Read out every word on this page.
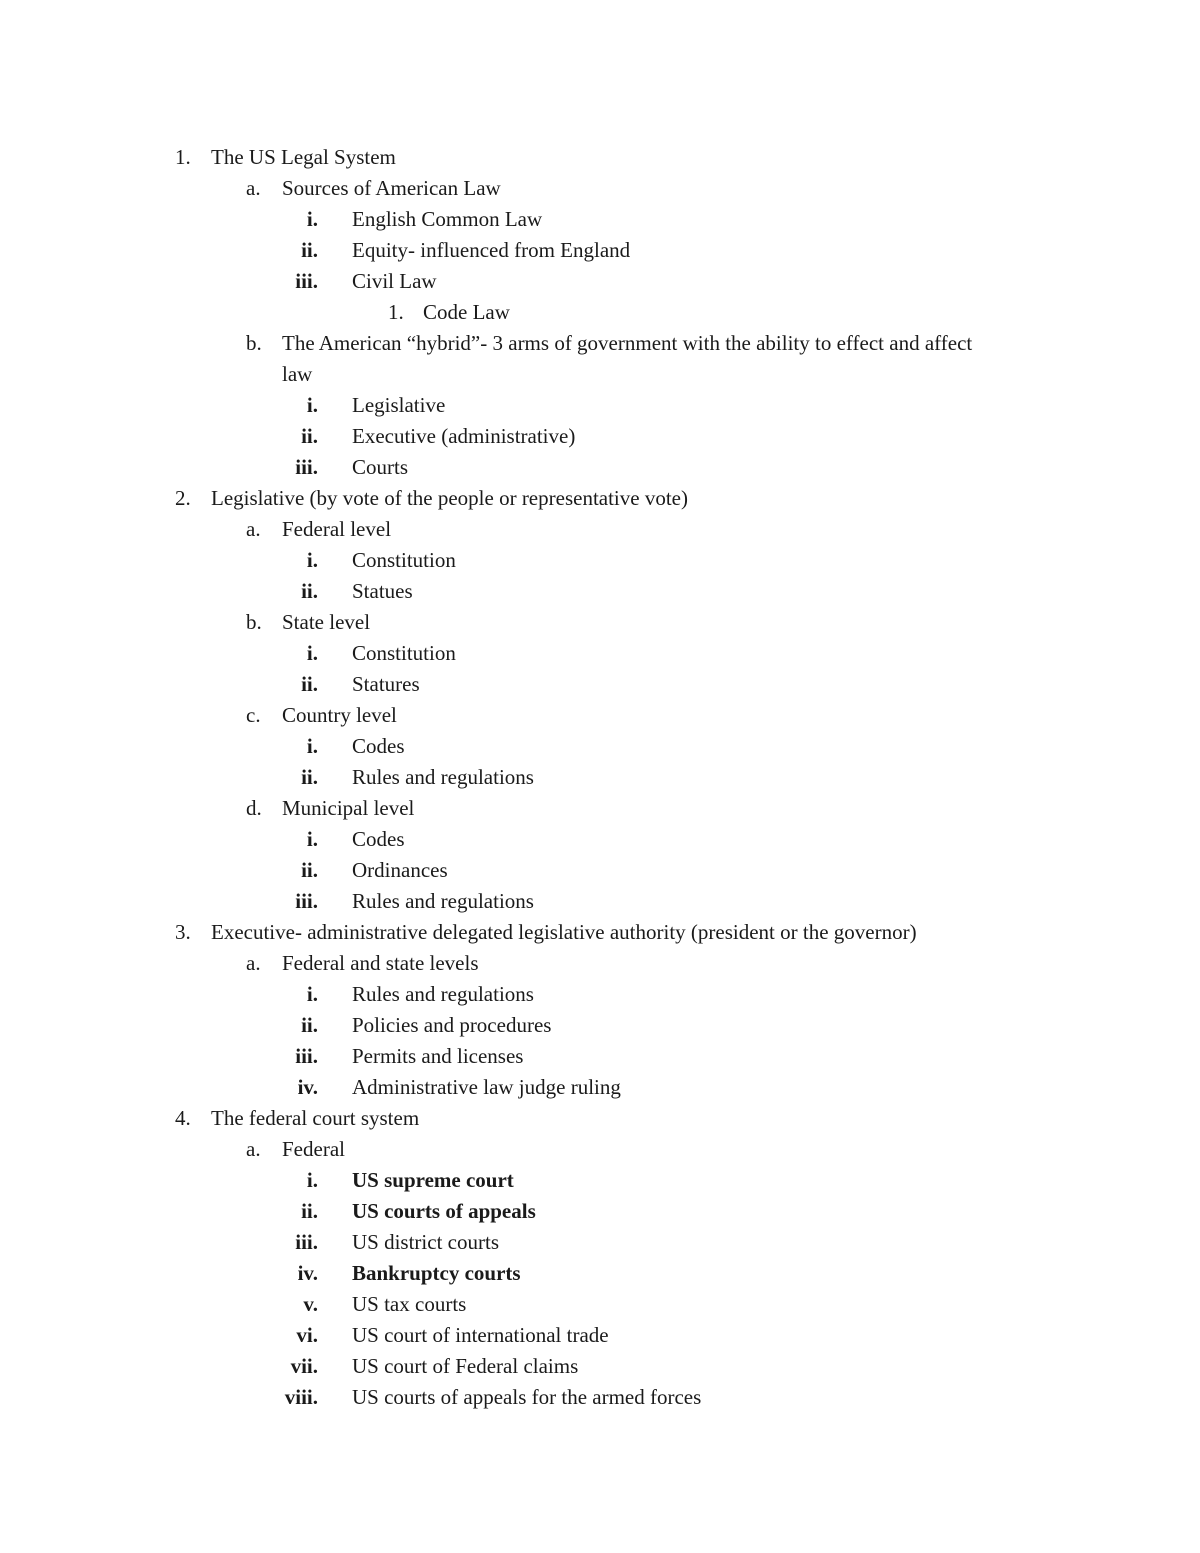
1. The US Legal System
a. Sources of American Law
i. English Common Law
ii. Equity- influenced from England
iii. Civil Law
1. Code Law
b. The American “hybrid”- 3 arms of government with the ability to effect and affect
law
i. Legislative
ii. Executive (administrative)
iii. Courts
2. Legislative (by vote of the people or representative vote)
a. Federal level
i. Constitution
ii. Statues
b. State level
i. Constitution
ii. Statures
c. Country level
i. Codes
ii. Rules and regulations
d. Municipal level
i. Codes
ii. Ordinances
iii. Rules and regulations
3. Executive- administrative delegated legislative authority (president or the governor)
a. Federal and state levels
i. Rules and regulations
ii. Policies and procedures
iii. Permits and licenses
iv. Administrative law judge ruling
4. The federal court system
a. Federal
i. US supreme court
ii. US courts of appeals
iii. US district courts
iv. Bankruptcy courts
v. US tax courts
vi. US court of international trade
vii. US court of Federal claims
viii. US courts of appeals for the armed forces
